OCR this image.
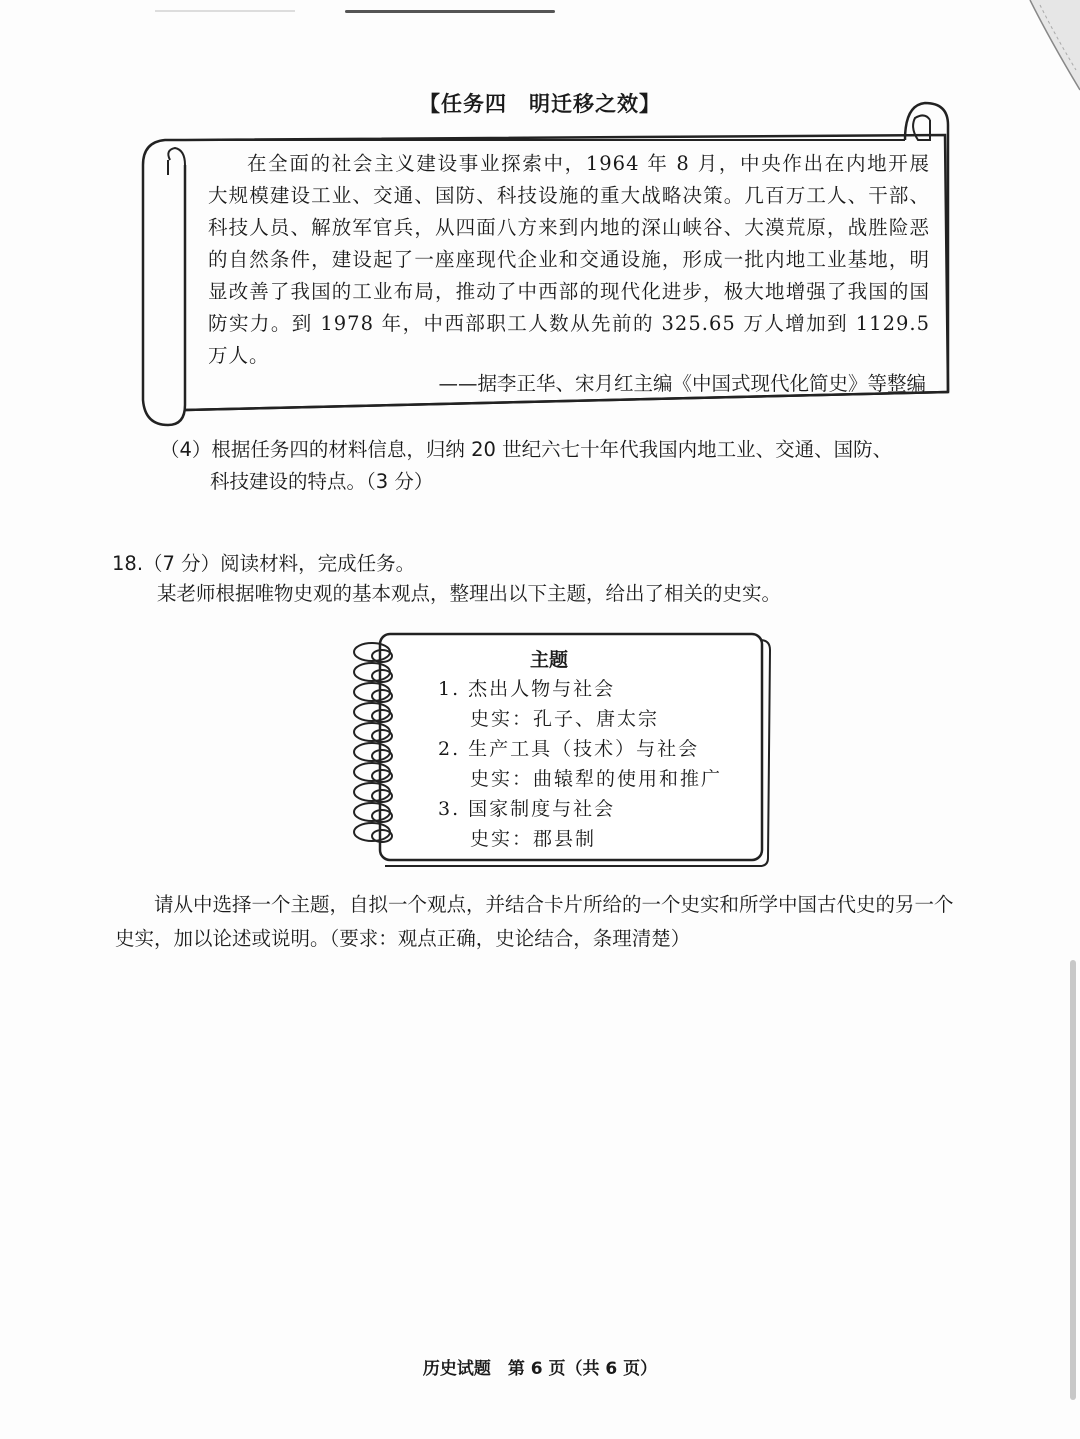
【任务四　明迁移之效】
在全面的社会主义建设事业探索中，1964 年 8 月，中央作出在内地开展大规模建设工业、交通、国防、科技设施的重大战略决策。几百万工人、干部、科技人员、解放军官兵，从四面八方来到内地的深山峡谷、大漠荒原，战胜险恶的自然条件，建设起了一座座现代企业和交通设施，形成一批内地工业基地，明显改善了我国的工业布局，推动了中西部的现代化进步，极大地增强了我国的国防实力。到 1978 年，中西部职工人数从先前的 325.65 万人增加到 1129.5 万人。
——据李正华、宋月红主编《中国式现代化简史》等整编
（4）根据任务四的材料信息，归纳 20 世纪六七十年代我国内地工业、交通、国防、
科技建设的特点。（3 分）
18.（7 分）阅读材料，完成任务。
某老师根据唯物史观的基本观点，整理出以下主题，给出了相关的史实。
主题
1. 杰出人物与社会
史实：孔子、唐太宗
2. 生产工具（技术）与社会
史实：曲辕犁的使用和推广
3. 国家制度与社会
史实：郡县制
请从中选择一个主题，自拟一个观点，并结合卡片所给的一个史实和所学中国古代史的另一个史实，加以论述或说明。（要求：观点正确，史论结合，条理清楚）
历史试题　第 6 页（共 6 页）
